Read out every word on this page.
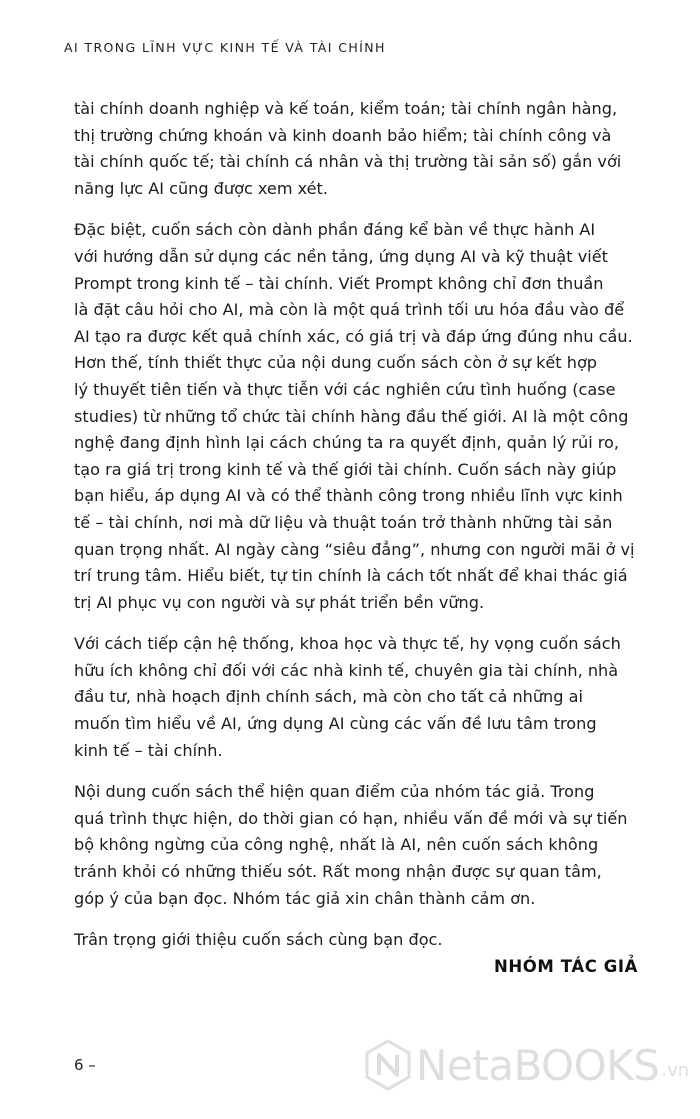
AI TRONG LĨNH VỰC KINH TẾ VÀ TÀI CHÍNH
tài chính doanh nghiệp và kế toán, kiểm toán; tài chính ngân hàng,
thị trường chứng khoán và kinh doanh bảo hiểm; tài chính công và
tài chính quốc tế; tài chính cá nhân và thị trường tài sản số) gắn với
năng lực AI cũng được xem xét.
Đặc biệt, cuốn sách còn dành phần đáng kể bàn về thực hành AI
với hướng dẫn sử dụng các nền tảng, ứng dụng AI và kỹ thuật viết
Prompt trong kinh tế – tài chính. Viết Prompt không chỉ đơn thuần
là đặt câu hỏi cho AI, mà còn là một quá trình tối ưu hóa đầu vào để
AI tạo ra được kết quả chính xác, có giá trị và đáp ứng đúng nhu cầu.
Hơn thế, tính thiết thực của nội dung cuốn sách còn ở sự kết hợp
lý thuyết tiên tiến và thực tiễn với các nghiên cứu tình huống (case
studies) từ những tổ chức tài chính hàng đầu thế giới. AI là một công
nghệ đang định hình lại cách chúng ta ra quyết định, quản lý rủi ro,
tạo ra giá trị trong kinh tế và thế giới tài chính. Cuốn sách này giúp
bạn hiểu, áp dụng AI và có thể thành công trong nhiều lĩnh vực kinh
tế – tài chính, nơi mà dữ liệu và thuật toán trở thành những tài sản
quan trọng nhất. AI ngày càng “siêu đẳng”, nhưng con người mãi ở vị
trí trung tâm. Hiểu biết, tự tin chính là cách tốt nhất để khai thác giá
trị AI phục vụ con người và sự phát triển bền vững.
Với cách tiếp cận hệ thống, khoa học và thực tế, hy vọng cuốn sách
hữu ích không chỉ đối với các nhà kinh tế, chuyên gia tài chính, nhà
đầu tư, nhà hoạch định chính sách, mà còn cho tất cả những ai
muốn tìm hiểu về AI, ứng dụng AI cùng các vấn đề lưu tâm trong
kinh tế – tài chính.
Nội dung cuốn sách thể hiện quan điểm của nhóm tác giả. Trong
quá trình thực hiện, do thời gian có hạn, nhiều vấn đề mới và sự tiến
bộ không ngừng của công nghệ, nhất là AI, nên cuốn sách không
tránh khỏi có những thiếu sót. Rất mong nhận được sự quan tâm,
góp ý của bạn đọc. Nhóm tác giả xin chân thành cảm ơn.
Trân trọng giới thiệu cuốn sách cùng bạn đọc.
NHÓM TÁC GIẢ
6 –	NetaBOOKS .vn
